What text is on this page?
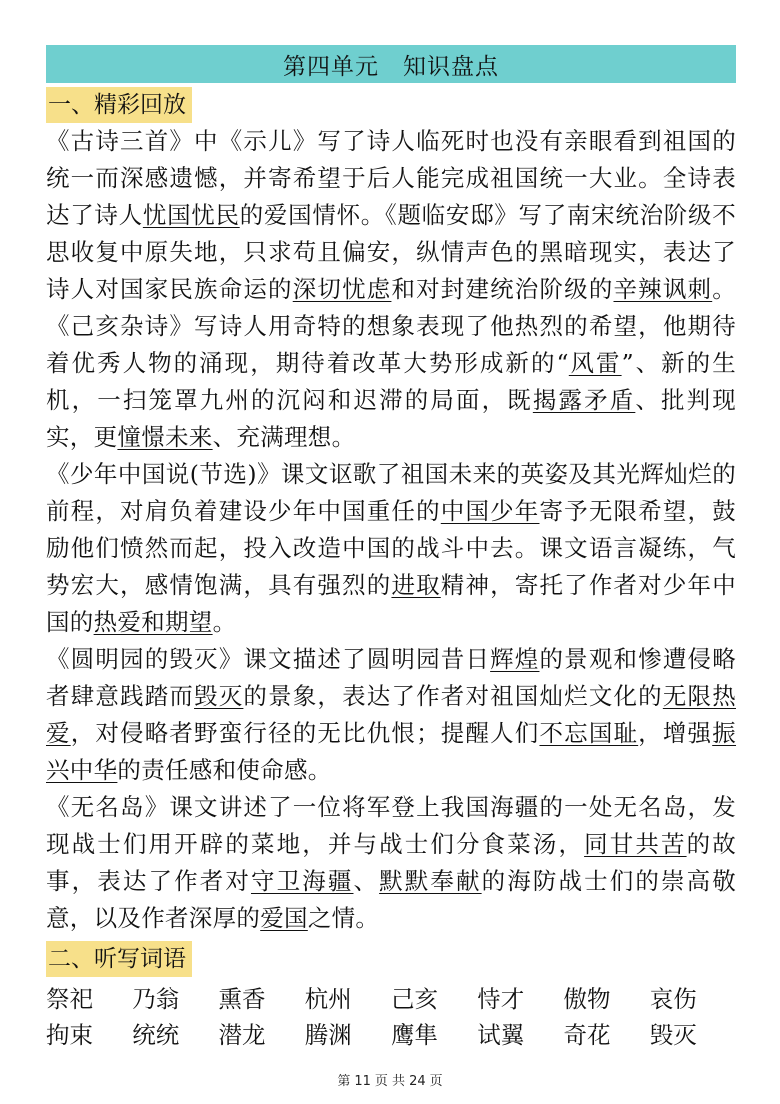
第四单元 知识盘点
一、精彩回放

《古诗三首》中《示儿》写了诗人临死时也没有亲眼看到祖国的统一而深感遗憾，并寄希望于后人能完成祖国统一大业。全诗表达了诗人忧国忧民的爱国情怀。《题临安邸》写了南宋统治阶级不思收复中原失地，只求苟且偏安，纵情声色的黑暗现实，表达了诗人对国家民族命运的深切忧虑和对封建统治阶级的辛辣讽刺。《己亥杂诗》写诗人用奇特的想象表现了他热烈的希望，他期待着优秀人物的涌现，期待着改革大势形成新的“风雷”、新的生机，一扫笼罩九州的沉闷和迟滞的局面，既揭露矛盾、批判现实，更憧憬未来、充满理想。

《少年中国说(节选)》课文讴歌了祖国未来的英姿及其光辉灿烂的前程，对肩负着建设少年中国重任的中国少年寄予无限希望，鼓励他们愤然而起，投入改造中国的战斗中去。课文语言凝练，气势宏大，感情饱满，具有强烈的进取精神，寄托了作者对少年中国的热爱和期望。

《圆明园的毁灭》课文描述了圆明园昔日辉煌的景观和惨遭侵略者肆意践踏而毁灭的景象，表达了作者对祖国灿烂文化的无限热爱，对侵略者野蛮行径的无比仇恨；提醒人们不忘国耻，增强振兴中华的责任感和使命感。

《无名岛》课文讲述了一位将军登上我国海疆的一处无名岛，发现战士们用开辟的菜地，并与战士们分食菜汤，同甘共苦的故事，表达了作者对守卫海疆、默默奉献的海防战士们的崇高敬意，以及作者深厚的爱国之情。

二、听写词语
祭祀	乃翁	熏香	杭州	己亥	恃才	傲物	哀伤
拘束	统统	潜龙	腾渊	鹰隼	试翼	奇花	毁灭
第 11 页 共 24 页
